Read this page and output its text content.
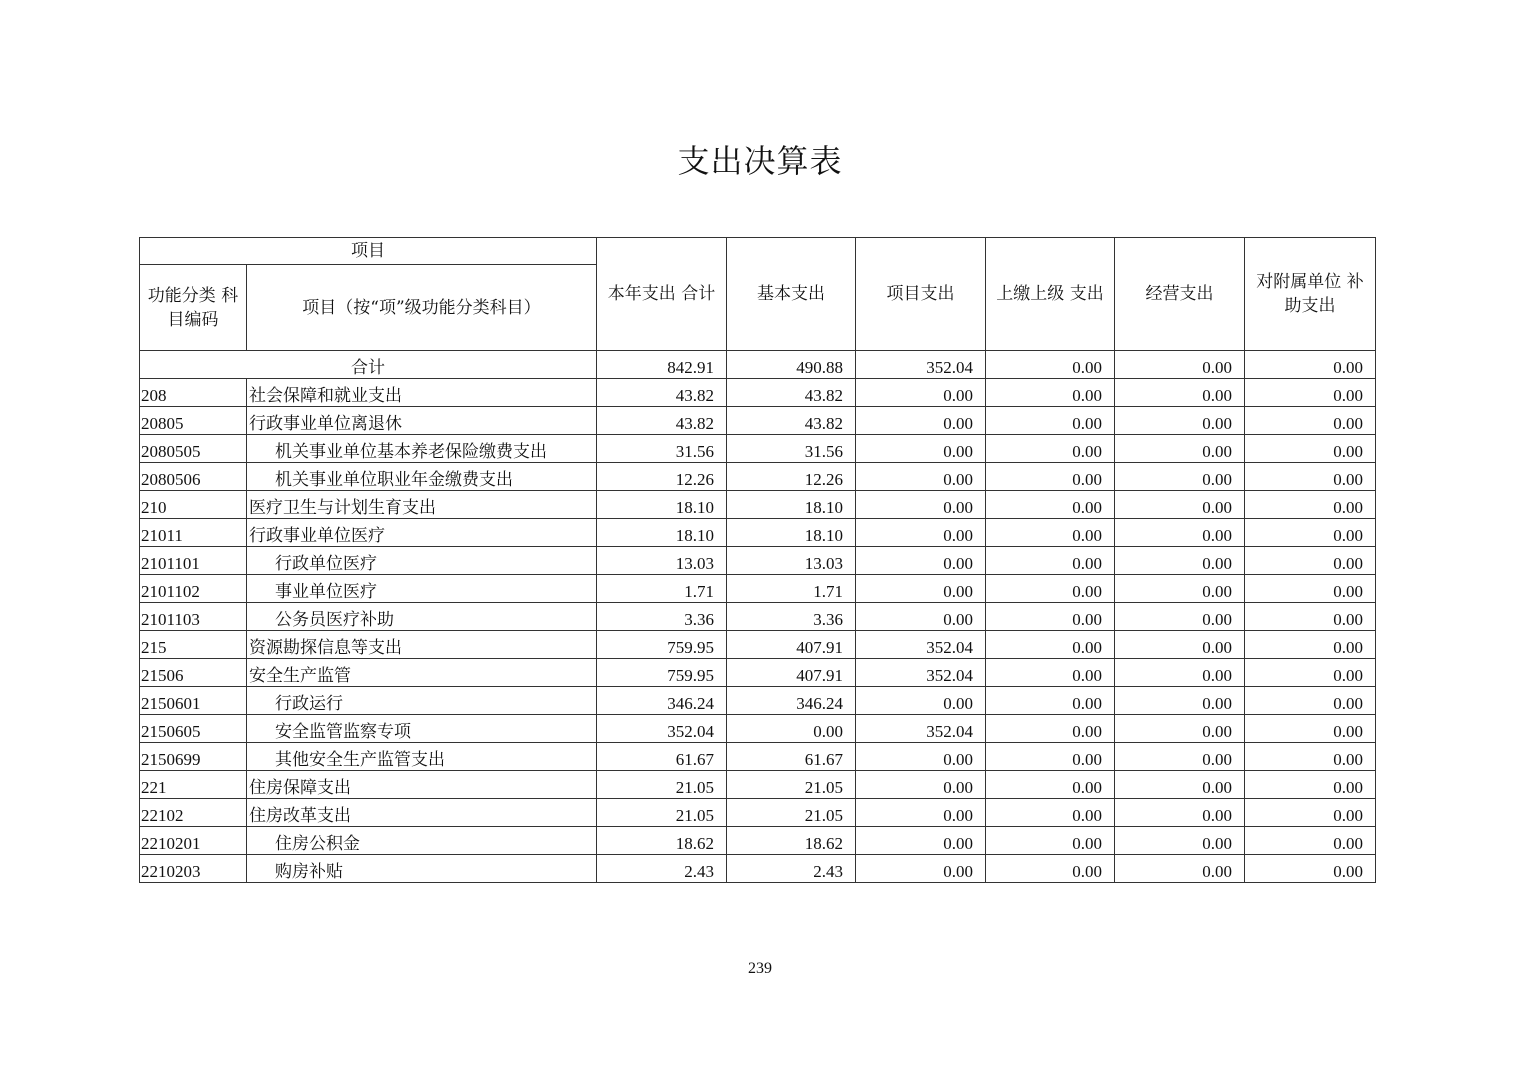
支出决算表
项目		本年支出 合计	基本支出	项目支出	上缴上级 支出	经营支出	对附属单位 补助支出
功能分类 科目编码	项目（按“项”级功能分类科目）						
合计		842.91	490.88	352.04	0.00	0.00	0.00
208	社会保障和就业支出	43.82	43.82	0.00	0.00	0.00	0.00
20805	行政事业单位离退休	43.82	43.82	0.00	0.00	0.00	0.00
2080505	机关事业单位基本养老保险缴费支出	31.56	31.56	0.00	0.00	0.00	0.00
2080506	机关事业单位职业年金缴费支出	12.26	12.26	0.00	0.00	0.00	0.00
210	医疗卫生与计划生育支出	18.10	18.10	0.00	0.00	0.00	0.00
21011	行政事业单位医疗	18.10	18.10	0.00	0.00	0.00	0.00
2101101	行政单位医疗	13.03	13.03	0.00	0.00	0.00	0.00
2101102	事业单位医疗	1.71	1.71	0.00	0.00	0.00	0.00
2101103	公务员医疗补助	3.36	3.36	0.00	0.00	0.00	0.00
215	资源勘探信息等支出	759.95	407.91	352.04	0.00	0.00	0.00
21506	安全生产监管	759.95	407.91	352.04	0.00	0.00	0.00
2150601	行政运行	346.24	346.24	0.00	0.00	0.00	0.00
2150605	安全监管监察专项	352.04	0.00	352.04	0.00	0.00	0.00
2150699	其他安全生产监管支出	61.67	61.67	0.00	0.00	0.00	0.00
221	住房保障支出	21.05	21.05	0.00	0.00	0.00	0.00
22102	住房改革支出	21.05	21.05	0.00	0.00	0.00	0.00
2210201	住房公积金	18.62	18.62	0.00	0.00	0.00	0.00
2210203	购房补贴	2.43	2.43	0.00	0.00	0.00	0.00
239
